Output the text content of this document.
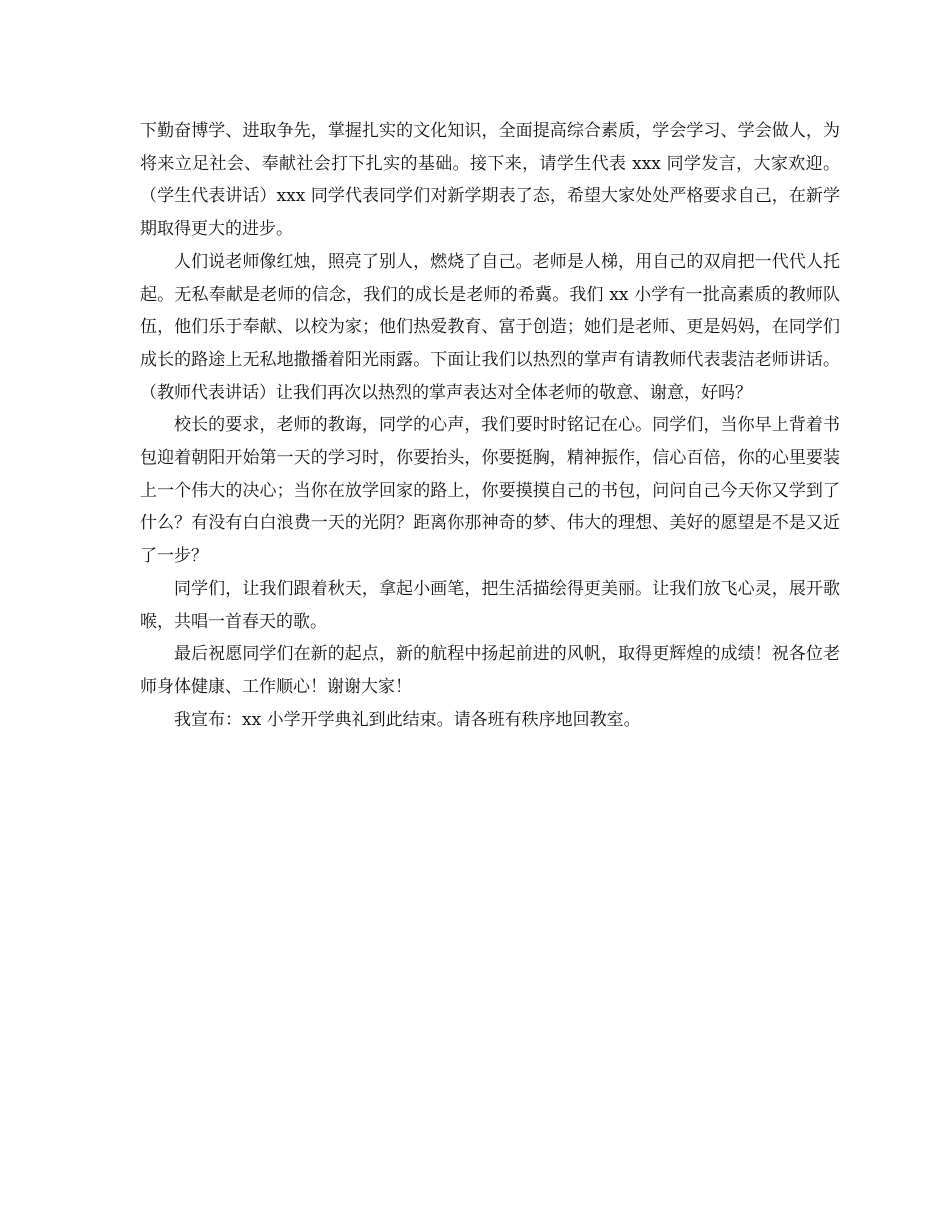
下勤奋博学、进取争先，掌握扎实的文化知识，全面提高综合素质，学会学习、学会做人，为将来立足社会、奉献社会打下扎实的基础。接下来，请学生代表 xxx 同学发言，大家欢迎。（学生代表讲话）xxx 同学代表同学们对新学期表了态，希望大家处处严格要求自己，在新学期取得更大的进步。

人们说老师像红烛，照亮了别人，燃烧了自己。老师是人梯，用自己的双肩把一代代人托起。无私奉献是老师的信念，我们的成长是老师的希冀。我们 xx 小学有一批高素质的教师队伍，他们乐于奉献、以校为家；他们热爱教育、富于创造；她们是老师、更是妈妈，在同学们成长的路途上无私地撒播着阳光雨露。下面让我们以热烈的掌声有请教师代表裴洁老师讲话。（教师代表讲话）让我们再次以热烈的掌声表达对全体老师的敬意、谢意，好吗？

校长的要求，老师的教诲，同学的心声，我们要时时铭记在心。同学们，当你早上背着书包迎着朝阳开始第一天的学习时，你要抬头，你要挺胸，精神振作，信心百倍，你的心里要装上一个伟大的决心；当你在放学回家的路上，你要摸摸自己的书包，问问自己今天你又学到了什么？有没有白白浪费一天的光阴？距离你那神奇的梦、伟大的理想、美好的愿望是不是又近了一步？

同学们，让我们跟着秋天，拿起小画笔，把生活描绘得更美丽。让我们放飞心灵，展开歌喉，共唱一首春天的歌。

最后祝愿同学们在新的起点，新的航程中扬起前进的风帆，取得更辉煌的成绩！祝各位老师身体健康、工作顺心！谢谢大家！

我宣布：xx 小学开学典礼到此结束。请各班有秩序地回教室。
